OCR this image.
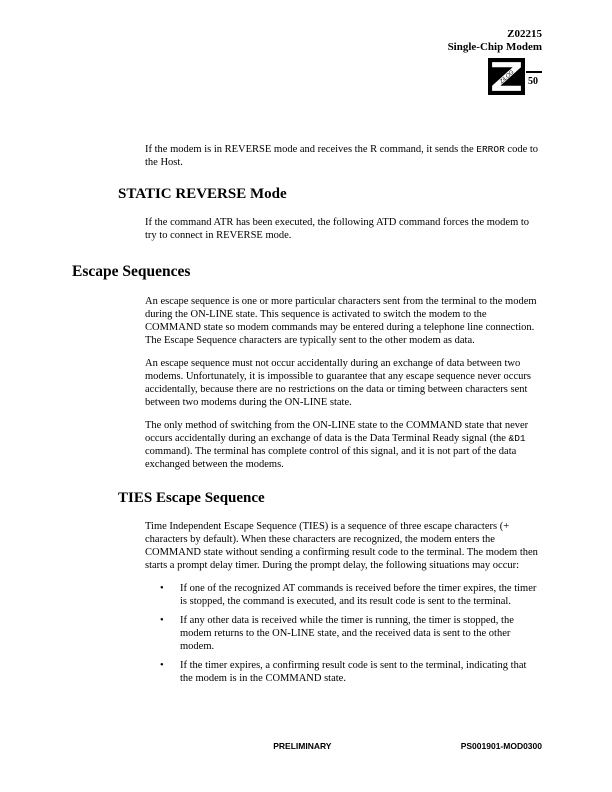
Z02215
Single-Chip Modem
ZiLOG 50

If the modem is in REVERSE mode and receives the R command, it sends the ERROR code to the Host.

STATIC REVERSE Mode

If the command ATR has been executed, the following ATD command forces the modem to try to connect in REVERSE mode.

Escape Sequences

An escape sequence is one or more particular characters sent from the terminal to the modem during the ON-LINE state. This sequence is activated to switch the modem to the COMMAND state so modem commands may be entered during a telephone line connection. The Escape Sequence characters are typically sent to the other modem as data.

An escape sequence must not occur accidentally during an exchange of data between two modems. Unfortunately, it is impossible to guarantee that any escape sequence never occurs accidentally, because there are no restrictions on the data or timing between characters sent between two modems during the ON-LINE state.

The only method of switching from the ON-LINE state to the COMMAND state that never occurs accidentally during an exchange of data is the Data Terminal Ready signal (the &D1 command). The terminal has complete control of this signal, and it is not part of the data exchanged between the modems.

TIES Escape Sequence

Time Independent Escape Sequence (TIES) is a sequence of three escape characters (+ characters by default). When these characters are recognized, the modem enters the COMMAND state without sending a confirming result code to the terminal. The modem then starts a prompt delay timer. During the prompt delay, the following situations may occur:

•	If one of the recognized AT commands is received before the timer expires, the timer is stopped, the command is executed, and its result code is sent to the terminal.
•	If any other data is received while the timer is running, the timer is stopped, the modem returns to the ON-LINE state, and the received data is sent to the other modem.
•	If the timer expires, a confirming result code is sent to the terminal, indicating that the modem is in the COMMAND state.
PRELIMINARY	PS001901-MOD0300
